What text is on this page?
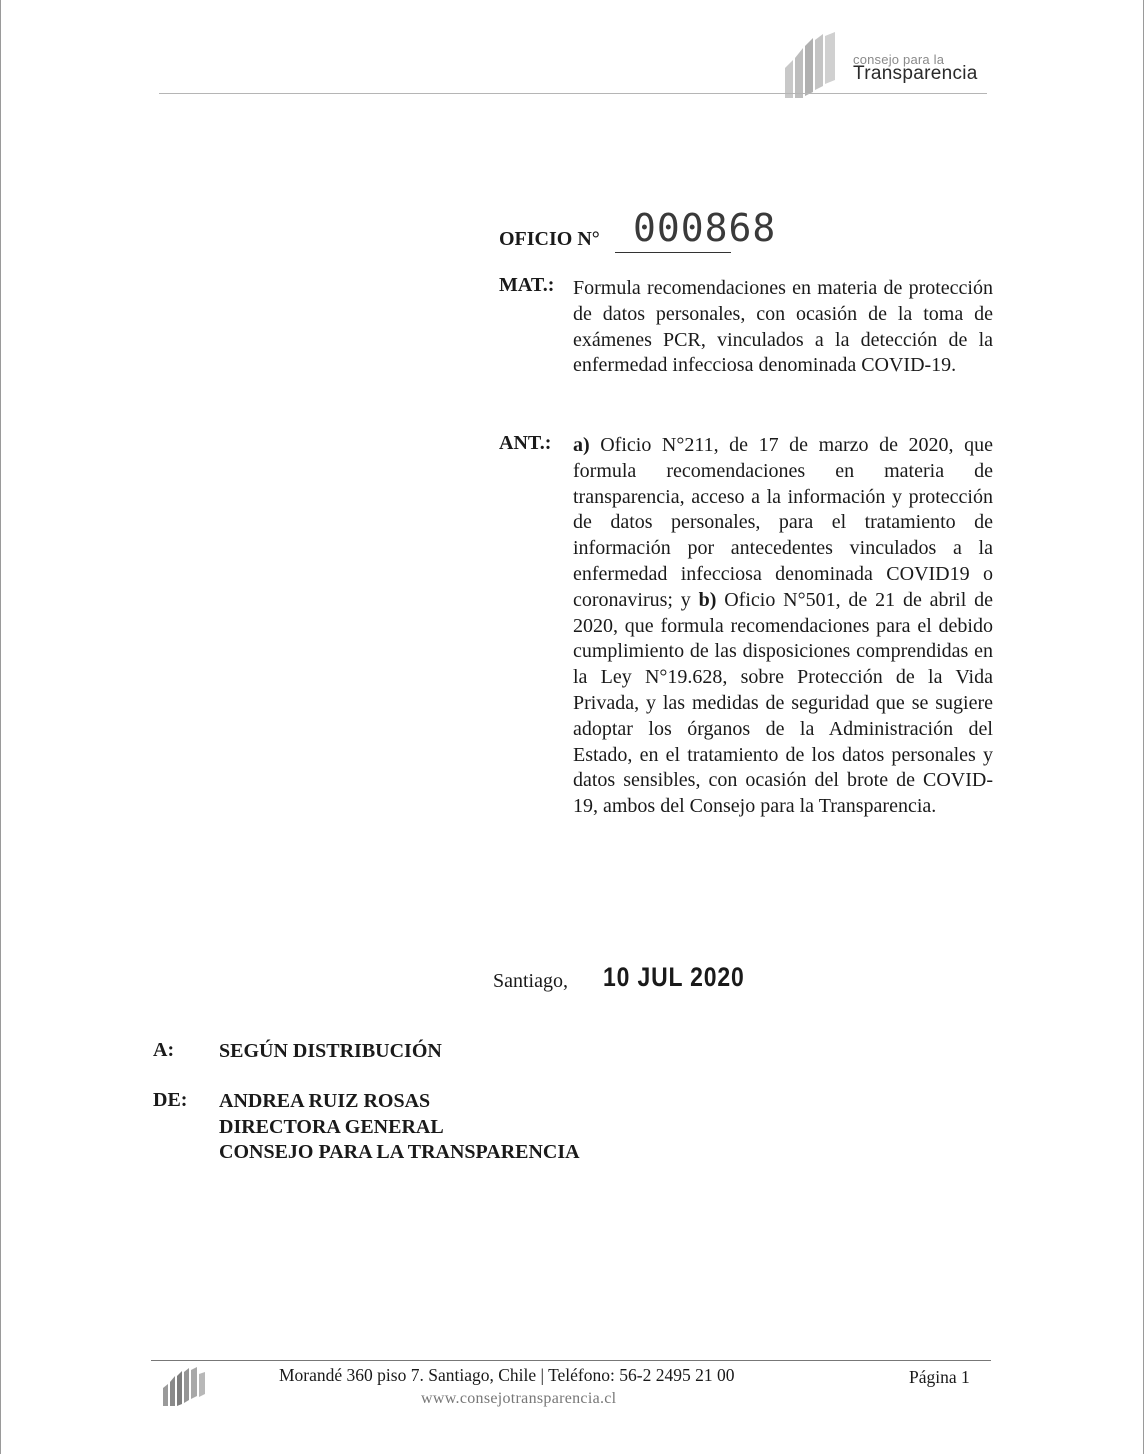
consejo para la
Transparencia
OFICIO N° 000868
MAT.: Formula recomendaciones en materia de protección de datos personales, con ocasión de la toma de exámenes PCR, vinculados a la detección de la enfermedad infecciosa denominada COVID-19.
ANT.: a) Oficio N°211, de 17 de marzo de 2020, que formula recomendaciones en materia de transparencia, acceso a la información y protección de datos personales, para el tratamiento de información por antecedentes vinculados a la enfermedad infecciosa denominada COVID19 o coronavirus; y b) Oficio N°501, de 21 de abril de 2020, que formula recomendaciones para el debido cumplimiento de las disposiciones comprendidas en la Ley N°19.628, sobre Protección de la Vida Privada, y las medidas de seguridad que se sugiere adoptar los órganos de la Administración del Estado, en el tratamiento de los datos personales y datos sensibles, con ocasión del brote de COVID-19, ambos del Consejo para la Transparencia.
Santiago, 10 JUL 2020
A: SEGÚN DISTRIBUCIÓN
DE: ANDREA RUIZ ROSAS
DIRECTORA GENERAL
CONSEJO PARA LA TRANSPARENCIA
Morandé 360 piso 7. Santiago, Chile | Teléfono: 56-2 2495 21 00	Página 1
www.consejotransparencia.cl
